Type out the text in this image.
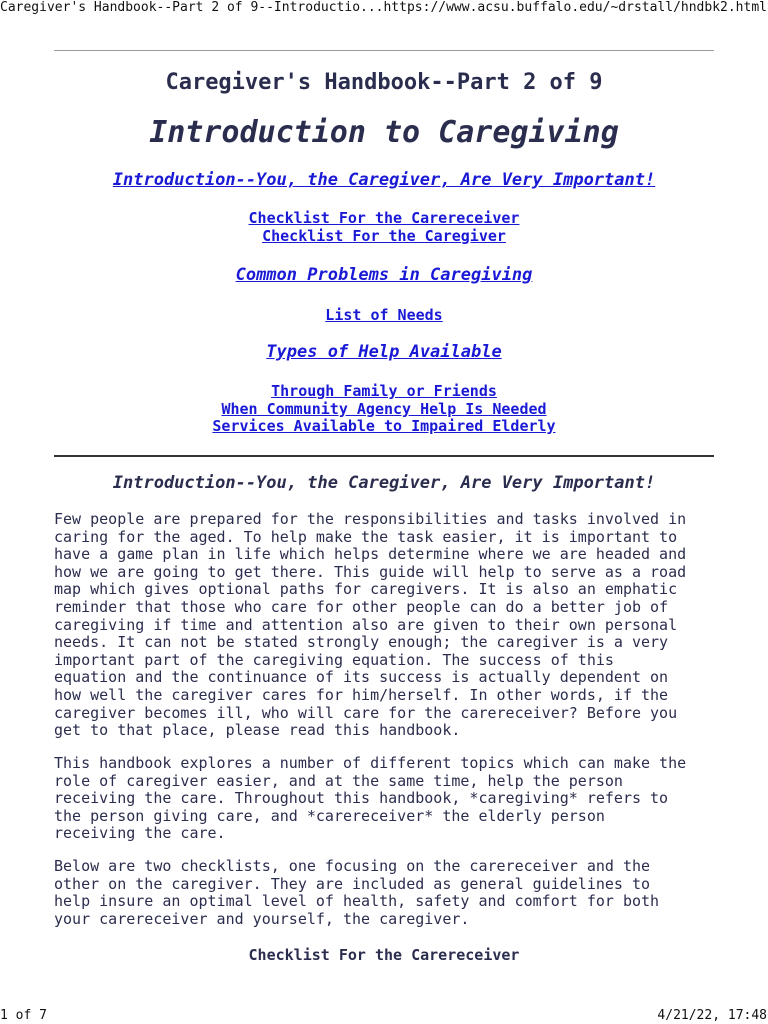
Caregiver's Handbook--Part 2 of 9--Introductio... https://www.acsu.buffalo.edu/~drstall/hndbk2.html
Caregiver's Handbook--Part 2 of 9
Introduction to Caregiving
Introduction--You, the Caregiver, Are Very Important!
Checklist For the Carereceiver
Checklist For the Caregiver
Common Problems in Caregiving
List of Needs
Types of Help Available
Through Family or Friends
When Community Agency Help Is Needed
Services Available to Impaired Elderly
Introduction--You, the Caregiver, Are Very Important!

Few people are prepared for the responsibilities and tasks involved in
caring for the aged. To help make the task easier, it is important to
have a game plan in life which helps determine where we are headed and
how we are going to get there. This guide will help to serve as a road
map which gives optional paths for caregivers. It is also an emphatic
reminder that those who care for other people can do a better job of
caregiving if time and attention also are given to their own personal
needs. It can not be stated strongly enough; the caregiver is a very
important part of the caregiving equation. The success of this
equation and the continuance of its success is actually dependent on
how well the caregiver cares for him/herself. In other words, if the
caregiver becomes ill, who will care for the carereceiver? Before you
get to that place, please read this handbook.

This handbook explores a number of different topics which can make the
role of caregiver easier, and at the same time, help the person
receiving the care. Throughout this handbook, *caregiving* refers to
the person giving care, and *carereceiver* the elderly person
receiving the care.

Below are two checklists, one focusing on the carereceiver and the
other on the caregiver. They are included as general guidelines to
help insure an optimal level of health, safety and comfort for both
your carereceiver and yourself, the caregiver.

Checklist For the Carereceiver
1 of 7	4/21/22, 17:48
